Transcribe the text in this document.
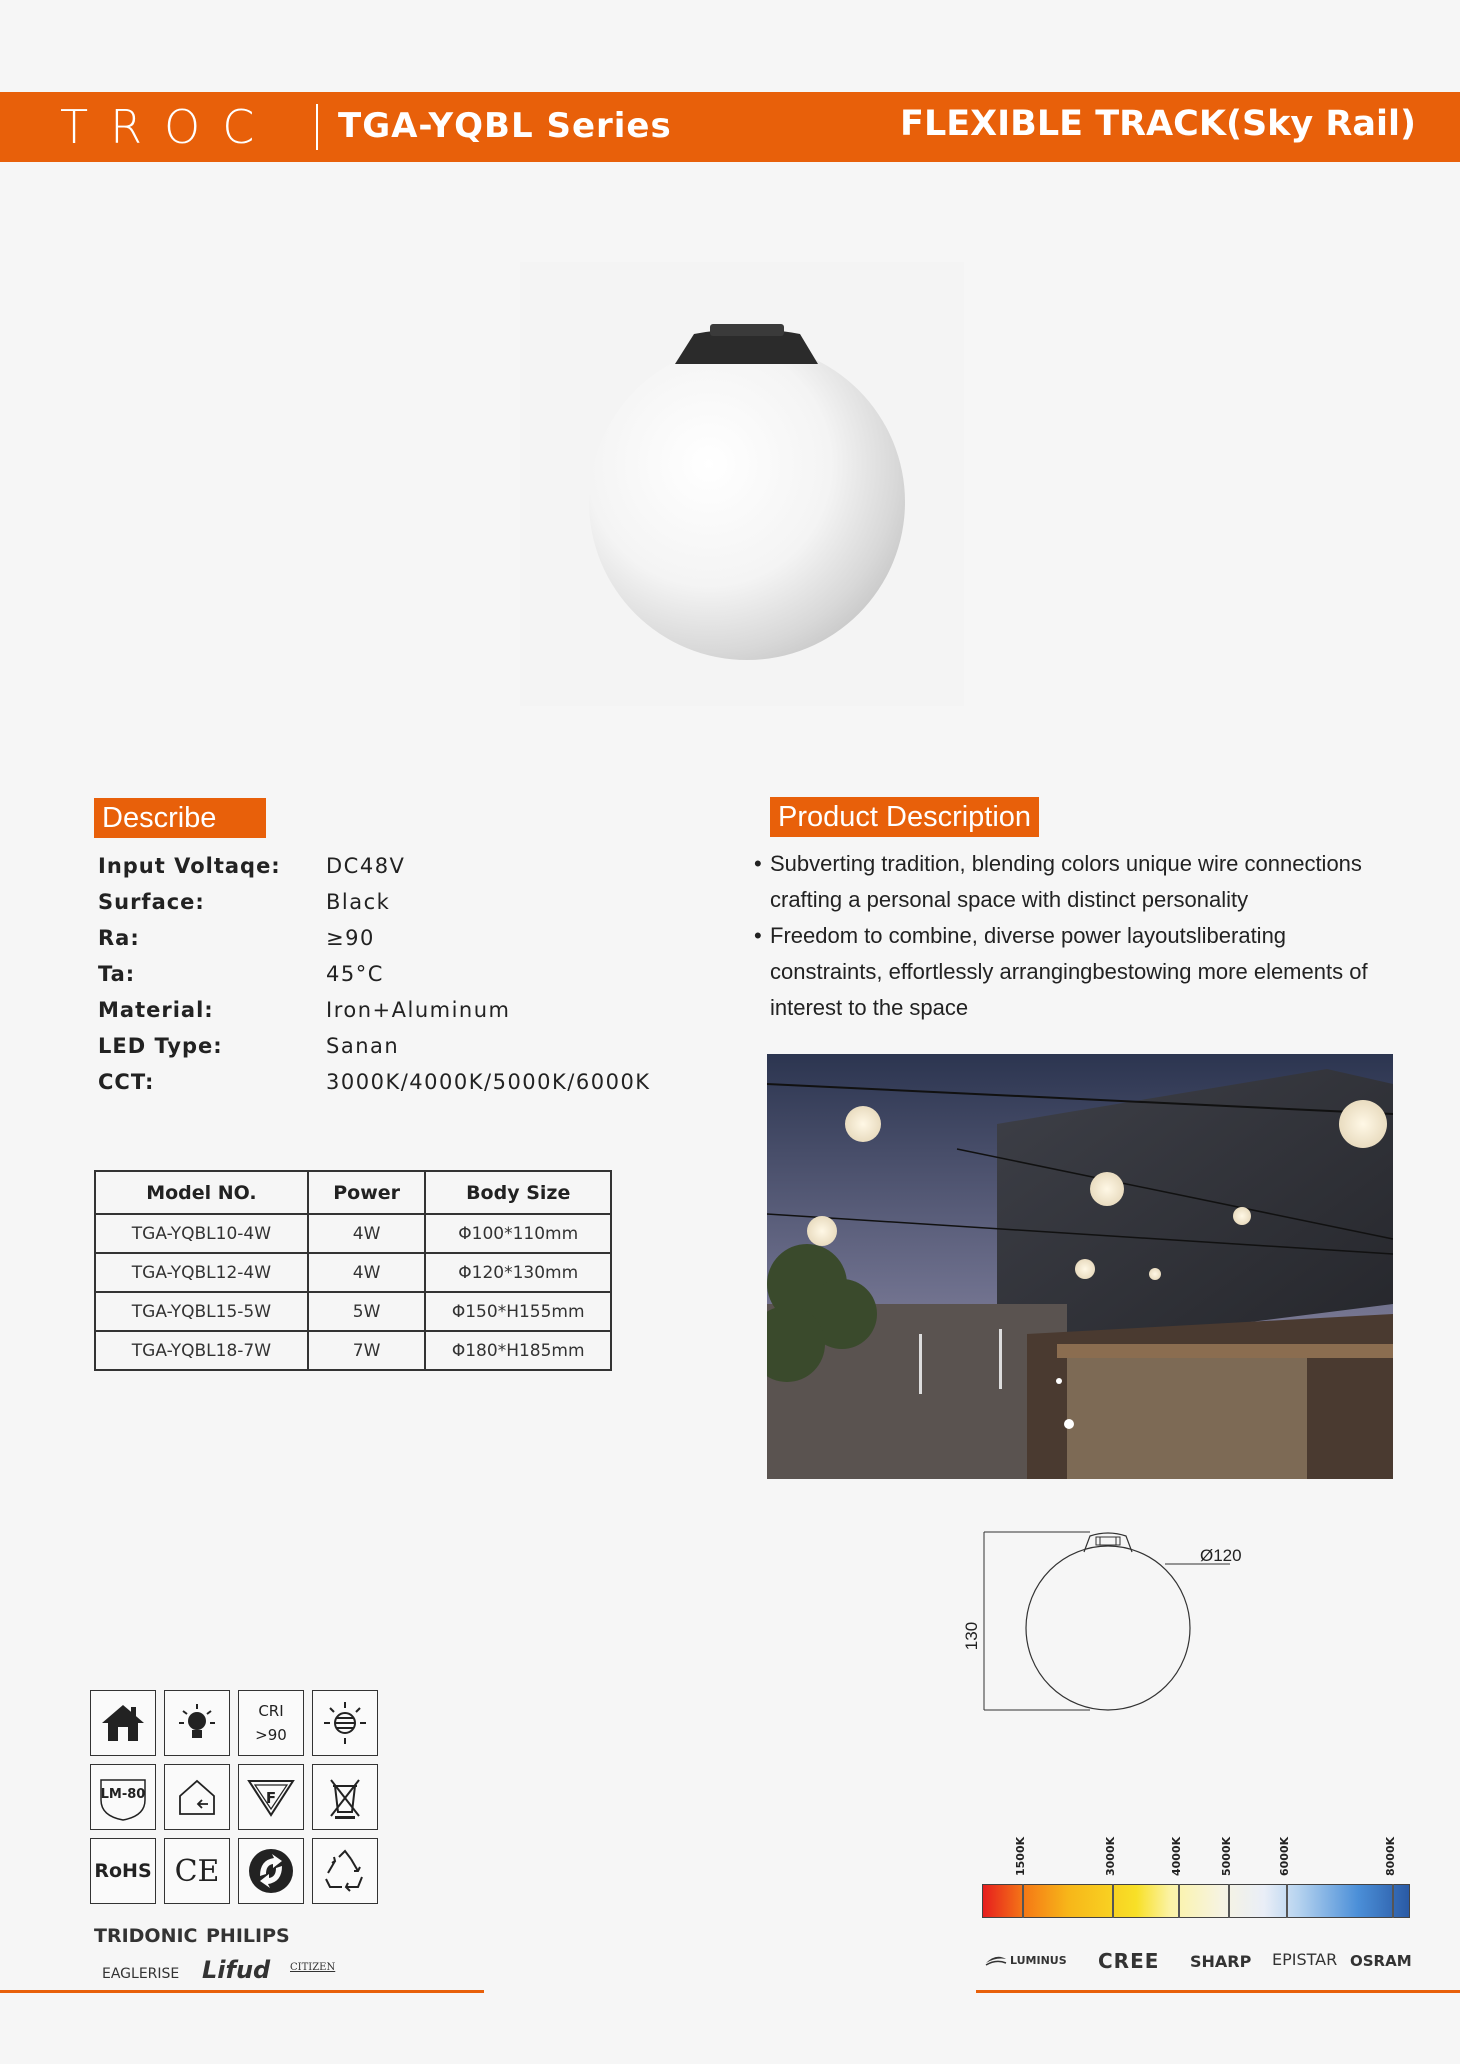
TROC TGA-YQBL Series	FLEXIBLE TRACK(Sky Rail)
Describe
Input Voltaqe: DC48V
Surface:	Black
Ra:	≥90
Ta:	45°C
Material:	Iron+Aluminum
LED Type:	Sanan
CCT:	3000K/4000K/5000K/6000K
Model NO.	Power	Body Size
TGA-YQBL10-4W	4W	Φ100*110mm
TGA-YQBL12-4W	4W	Φ120*130mm
TGA-YQBL15-5W	5W	Φ150*H155mm
TGA-YQBL18-7W	7W	Φ180*H185mm
Product Description
• Subverting tradition, blending colors unique wire connections crafting a personal space with distinct personality
• Freedom to combine, diverse power layoutsliberating constraints, effortlessly arrangingbestowing more elements of interest to the space
Ø120
130
CRI
>90
LM-80	F
RoHS CE
TRIDONIC PHILIPS
EAGLERISE Lifud CITIZEN
1500K	3000K	4000K	5000K	6000K	8000K
LUMINUS CREE SHARP EPISTAR OSRAM
